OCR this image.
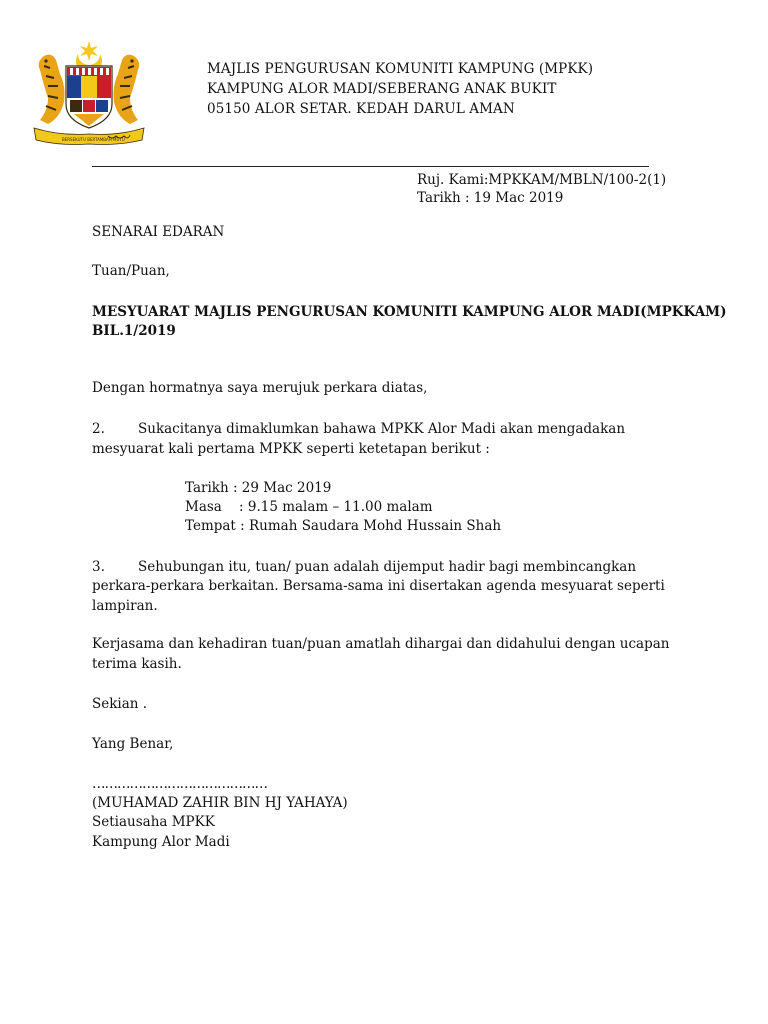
BERSEKUTU BERTAMBAH MUTU
MAJLIS PENGURUSAN KOMUNITI KAMPUNG (MPKK)
KAMPUNG ALOR MADI/SEBERANG ANAK BUKIT
05150 ALOR SETAR. KEDAH DARUL AMAN
Ruj. Kami:MPKKAM/MBLN/100-2(1)
Tarikh : 19 Mac 2019
SENARAI EDARAN
Tuan/Puan,
MESYUARAT MAJLIS PENGURUSAN KOMUNITI KAMPUNG ALOR MADI(MPKKAM)
BIL.1/2019
Dengan hormatnya saya merujuk perkara diatas,
2. Sukacitanya dimaklumkan bahawa MPKK Alor Madi akan mengadakan
mesyuarat kali pertama MPKK seperti ketetapan berikut :
Tarikh : 29 Mac 2019
Masa    : 9.15 malam – 11.00 malam
Tempat : Rumah Saudara Mohd Hussain Shah
3. Sehubungan itu, tuan/ puan adalah dijemput hadir bagi membincangkan
perkara-perkara berkaitan. Bersama-sama ini disertakan agenda mesyuarat seperti
lampiran.
Kerjasama dan kehadiran tuan/puan amatlah dihargai dan didahului dengan ucapan
terima kasih.
Sekian .
Yang Benar,
……………………………………
(MUHAMAD ZAHIR BIN HJ YAHAYA)
Setiausaha MPKK
Kampung Alor Madi
